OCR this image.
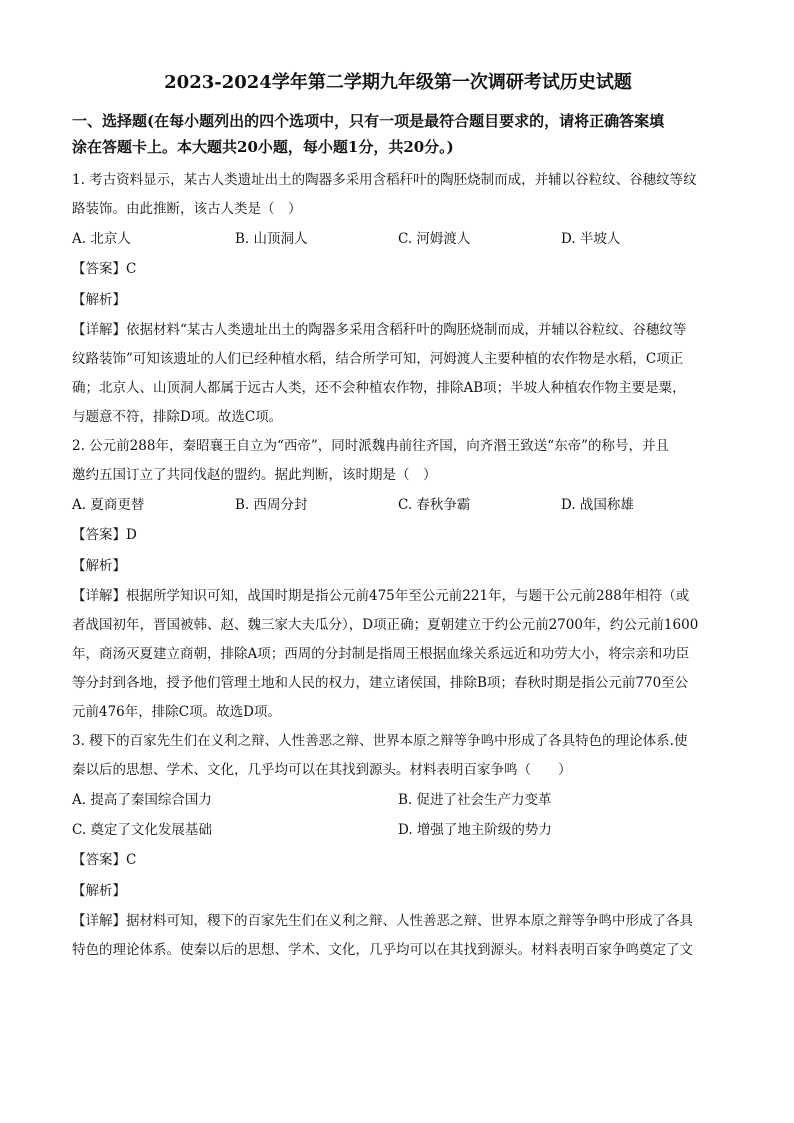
2023-2024学年第二学期九年级第一次调研考试历史试题
一、选择题(在每小题列出的四个选项中，只有一项是最符合题目要求的，请将正确答案填
涂在答题卡上。本大题共20小题，每小题1分，共20分。)

1. 考古资料显示，某古人类遗址出土的陶器多采用含稻秆叶的陶胚烧制而成，并辅以谷粒纹、谷穗纹等纹

路装饰。由此推断，该古人类是（　）

A. 北京人	B. 山顶洞人	C. 河姆渡人	D. 半坡人

【答案】C

【解析】

【详解】依据材料“某古人类遗址出土的陶器多采用含稻秆叶的陶胚烧制而成，并辅以谷粒纹、谷穗纹等

纹路装饰”可知该遗址的人们已经种植水稻，结合所学可知，河姆渡人主要种植的农作物是水稻，C项正

确；北京人、山顶洞人都属于远古人类，还不会种植农作物，排除AB项；半坡人种植农作物主要是粟，

与题意不符，排除D项。故选C项。

2. 公元前288年，秦昭襄王自立为“西帝”，同时派魏冉前往齐国，向齐湣王致送“东帝”的称号，并且

邀约五国订立了共同伐赵的盟约。据此判断，该时期是（　）

A. 夏商更替	B. 西周分封	C. 春秋争霸	D. 战国称雄

【答案】D

【解析】

【详解】根据所学知识可知，战国时期是指公元前475年至公元前221年，与题干公元前288年相符（或

者战国初年，晋国被韩、赵、魏三家大夫瓜分），D项正确；夏朝建立于约公元前2700年，约公元前1600

年，商汤灭夏建立商朝，排除A项；西周的分封制是指周王根据血缘关系远近和功劳大小，将宗亲和功臣

等分封到各地，授予他们管理土地和人民的权力，建立诸侯国，排除B项；春秋时期是指公元前770至公

元前476年，排除C项。故选D项。

3. 稷下的百家先生们在义利之辩、人性善恶之辩、世界本原之辩等争鸣中形成了各具特色的理论体系.使

秦以后的思想、学术、文化，几乎均可以在其找到源头。材料表明百家争鸣（　　）

A. 提高了秦国综合国力	B. 促进了社会生产力变革
C. 奠定了文化发展基础	D. 增强了地主阶级的势力

【答案】C

【解析】

【详解】据材料可知，稷下的百家先生们在义利之辩、人性善恶之辩、世界本原之辩等争鸣中形成了各具

特色的理论体系。使秦以后的思想、学术、文化，几乎均可以在其找到源头。材料表明百家争鸣奠定了文
